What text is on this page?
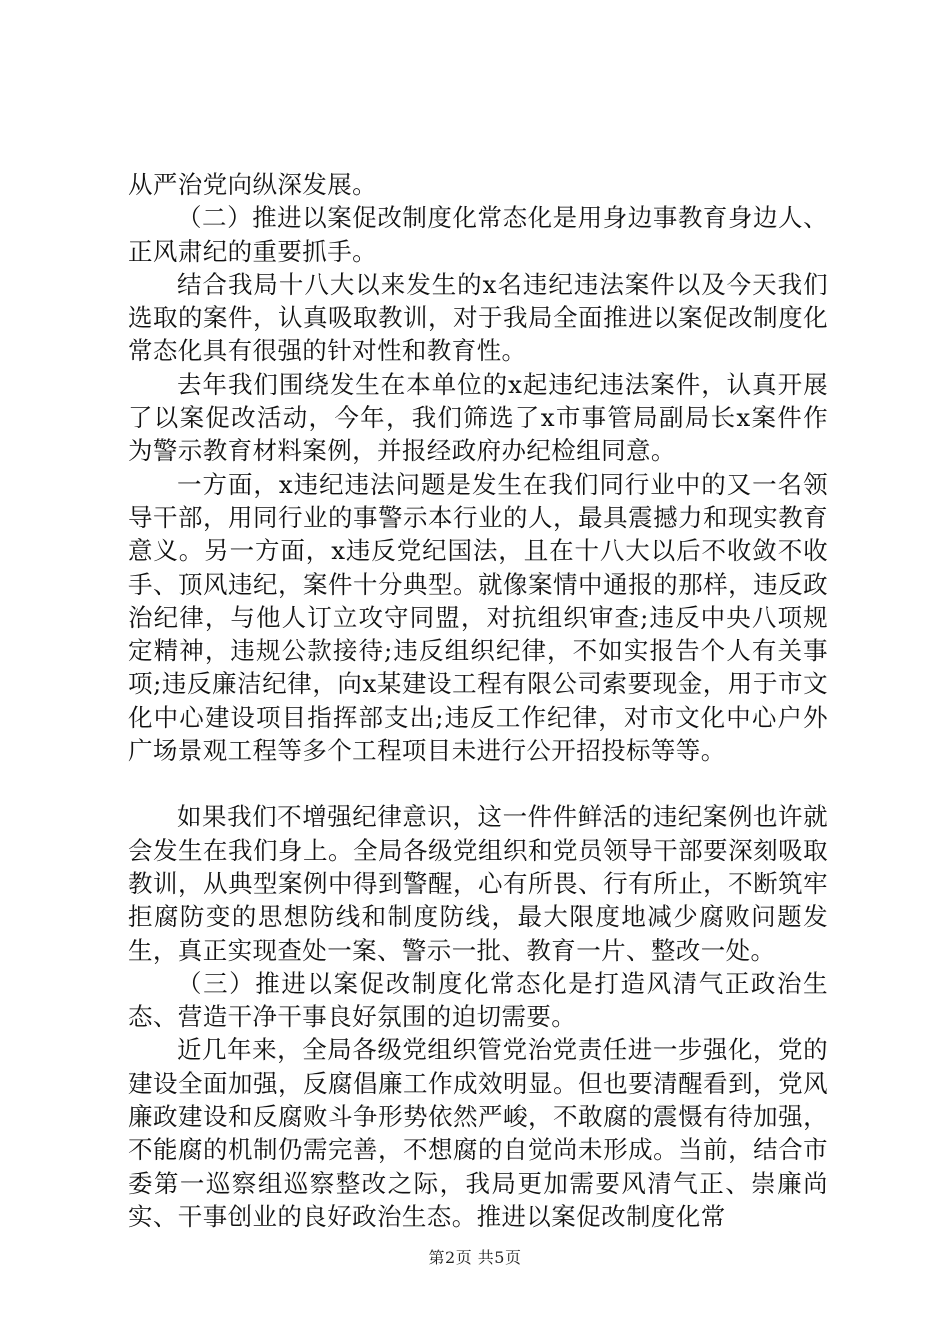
从严治党向纵深发展。

（二）推进以案促改制度化常态化是用身边事教育身边人、正风肃纪的重要抓手。

结合我局十八大以来发生的x名违纪违法案件以及今天我们选取的案件，认真吸取教训，对于我局全面推进以案促改制度化常态化具有很强的针对性和教育性。

去年我们围绕发生在本单位的x起违纪违法案件，认真开展了以案促改活动，今年，我们筛选了x市事管局副局长x案件作为警示教育材料案例，并报经政府办纪检组同意。

一方面，x违纪违法问题是发生在我们同行业中的又一名领导干部，用同行业的事警示本行业的人，最具震撼力和现实教育意义。另一方面，x违反党纪国法，且在十八大以后不收敛不收手、顶风违纪，案件十分典型。就像案情中通报的那样，违反政治纪律，与他人订立攻守同盟，对抗组织审查;违反中央八项规定精神，违规公款接待;违反组织纪律，不如实报告个人有关事项;违反廉洁纪律，向x某建设工程有限公司索要现金，用于市文化中心建设项目指挥部支出;违反工作纪律，对市文化中心户外广场景观工程等多个工程项目未进行公开招投标等等。

如果我们不增强纪律意识，这一件件鲜活的违纪案例也许就会发生在我们身上。全局各级党组织和党员领导干部要深刻吸取教训，从典型案例中得到警醒，心有所畏、行有所止，不断筑牢拒腐防变的思想防线和制度防线，最大限度地减少腐败问题发生，真正实现查处一案、警示一批、教育一片、整改一处。

（三）推进以案促改制度化常态化是打造风清气正政治生态、营造干净干事良好氛围的迫切需要。

近几年来，全局各级党组织管党治党责任进一步强化，党的建设全面加强，反腐倡廉工作成效明显。但也要清醒看到，党风廉政建设和反腐败斗争形势依然严峻，不敢腐的震慑有待加强，不能腐的机制仍需完善，不想腐的自觉尚未形成。当前，结合市委第一巡察组巡察整改之际，我局更加需要风清气正、崇廉尚实、干事创业的良好政治生态。推进以案促改制度化常

第2页 共5页
